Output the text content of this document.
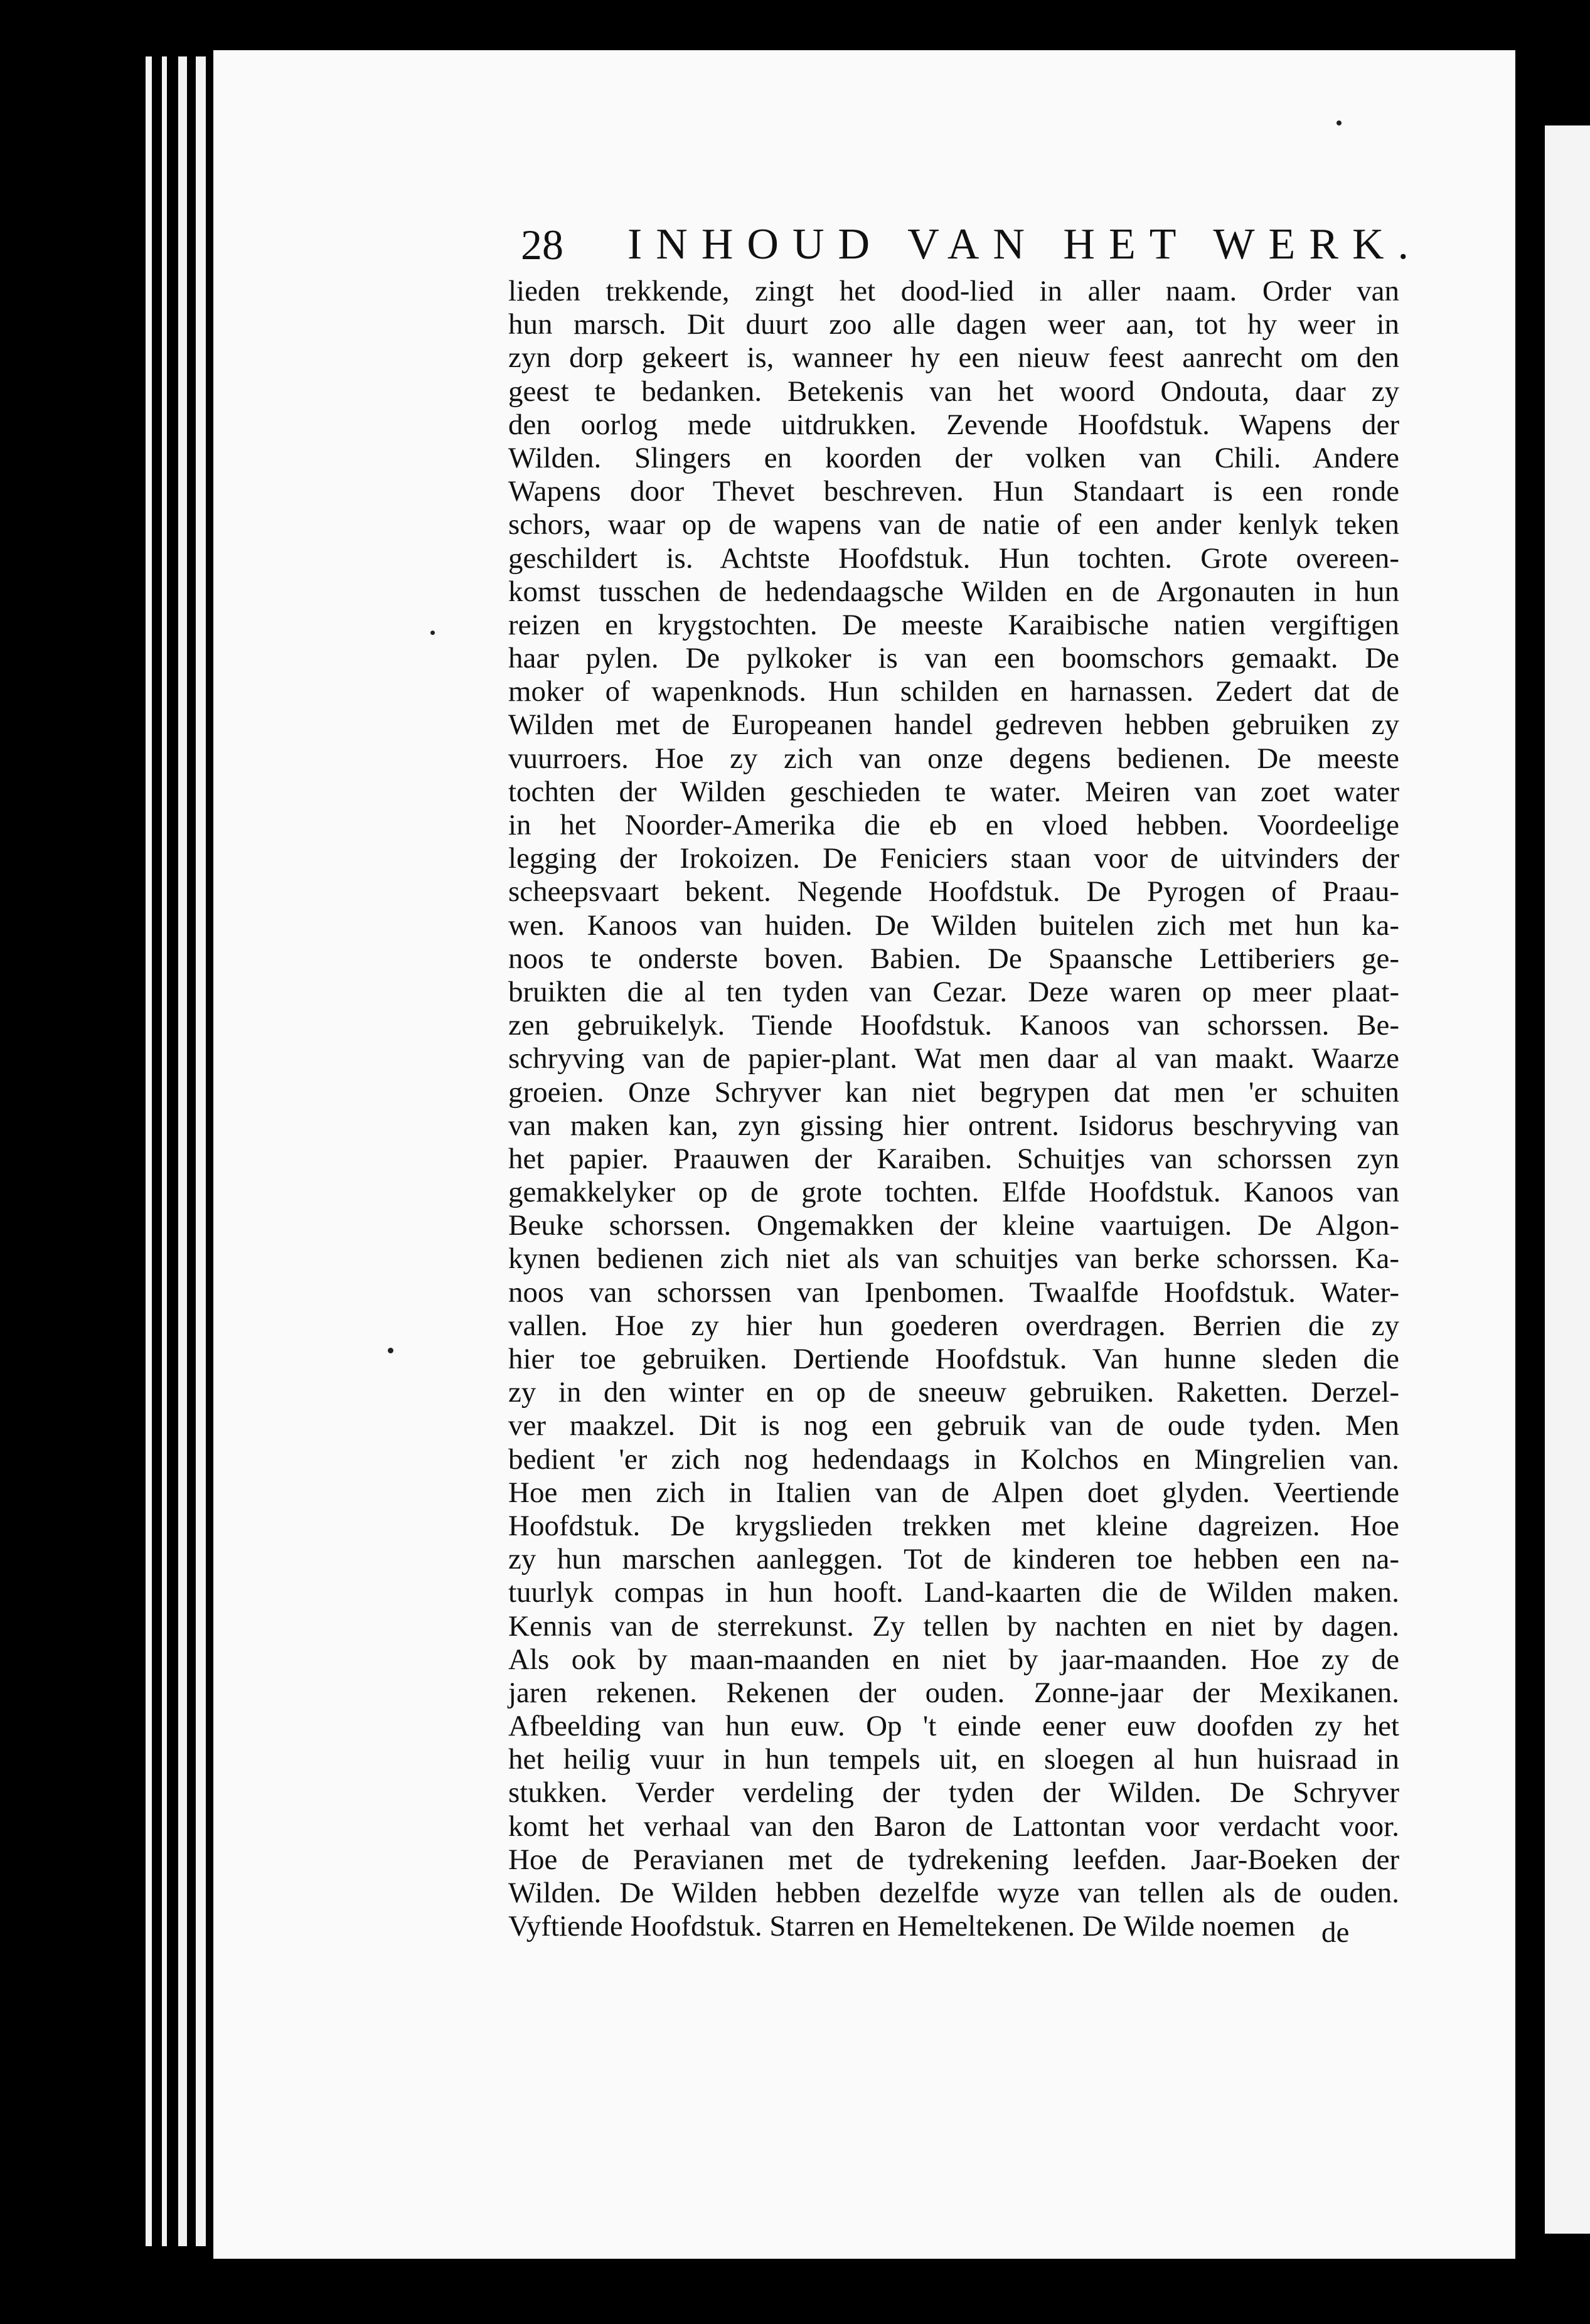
28 INHOUD VAN HET WERK.
lieden trekkende, zingt het dood-lied in aller naam. Order van
hun marsch. Dit duurt zoo alle dagen weer aan, tot hy weer in
zyn dorp gekeert is, wanneer hy een nieuw feest aanrecht om den
geest te bedanken. Betekenis van het woord Ondouta, daar zy
den oorlog mede uitdrukken. Zevende Hoofdstuk. Wapens der
Wilden. Slingers en koorden der volken van Chili. Andere
Wapens door Thevet beschreven. Hun Standaart is een ronde
schors, waar op de wapens van de natie of een ander kenlyk teken
geschildert is. Achtste Hoofdstuk. Hun tochten. Grote overeen-
komst tusschen de hedendaagsche Wilden en de Argonauten in hun
reizen en krygstochten. De meeste Karaibische natien vergiftigen
haar pylen. De pylkoker is van een boomschors gemaakt. De
moker of wapenknods. Hun schilden en harnassen. Zedert dat de
Wilden met de Europeanen handel gedreven hebben gebruiken zy
vuurroers. Hoe zy zich van onze degens bedienen. De meeste
tochten der Wilden geschieden te water. Meiren van zoet water
in het Noorder-Amerika die eb en vloed hebben. Voordeelige
legging der Irokoizen. De Feniciers staan voor de uitvinders der
scheepsvaart bekent. Negende Hoofdstuk. De Pyrogen of Praau-
wen. Kanoos van huiden. De Wilden buitelen zich met hun ka-
noos te onderste boven. Babien. De Spaansche Lettiberiers ge-
bruikten die al ten tyden van Cezar. Deze waren op meer plaat-
zen gebruikelyk. Tiende Hoofdstuk. Kanoos van schorssen. Be-
schryving van de papier-plant. Wat men daar al van maakt. Waarze
groeien. Onze Schryver kan niet begrypen dat men 'er schuiten
van maken kan, zyn gissing hier ontrent. Isidorus beschryving van
het papier. Praauwen der Karaiben. Schuitjes van schorssen zyn
gemakkelyker op de grote tochten. Elfde Hoofdstuk. Kanoos van
Beuke schorssen. Ongemakken der kleine vaartuigen. De Algon-
kynen bedienen zich niet als van schuitjes van berke schorssen. Ka-
noos van schorssen van Ipenbomen. Twaalfde Hoofdstuk. Water-
vallen. Hoe zy hier hun goederen overdragen. Berrien die zy
hier toe gebruiken. Dertiende Hoofdstuk. Van hunne sleden die
zy in den winter en op de sneeuw gebruiken. Raketten. Derzel-
ver maakzel. Dit is nog een gebruik van de oude tyden. Men
bedient 'er zich nog hedendaags in Kolchos en Mingrelien van.
Hoe men zich in Italien van de Alpen doet glyden. Veertiende
Hoofdstuk. De krygslieden trekken met kleine dagreizen. Hoe
zy hun marschen aanleggen. Tot de kinderen toe hebben een na-
tuurlyk compas in hun hooft. Land-kaarten die de Wilden maken.
Kennis van de sterrekunst. Zy tellen by nachten en niet by dagen.
Als ook by maan-maanden en niet by jaar-maanden. Hoe zy de
jaren rekenen. Rekenen der ouden. Zonne-jaar der Mexikanen.
Afbeelding van hun euw. Op 't einde eener euw doofden zy het
het heilig vuur in hun tempels uit, en sloegen al hun huisraad in
stukken. Verder verdeling der tyden der Wilden. De Schryver
komt het verhaal van den Baron de Lattontan voor verdacht voor.
Hoe de Peravianen met de tydrekening leefden. Jaar-Boeken der
Wilden. De Wilden hebben dezelfde wyze van tellen als de ouden.
Vyftiende Hoofdstuk. Starren en Hemeltekenen. De Wilde noemen de
